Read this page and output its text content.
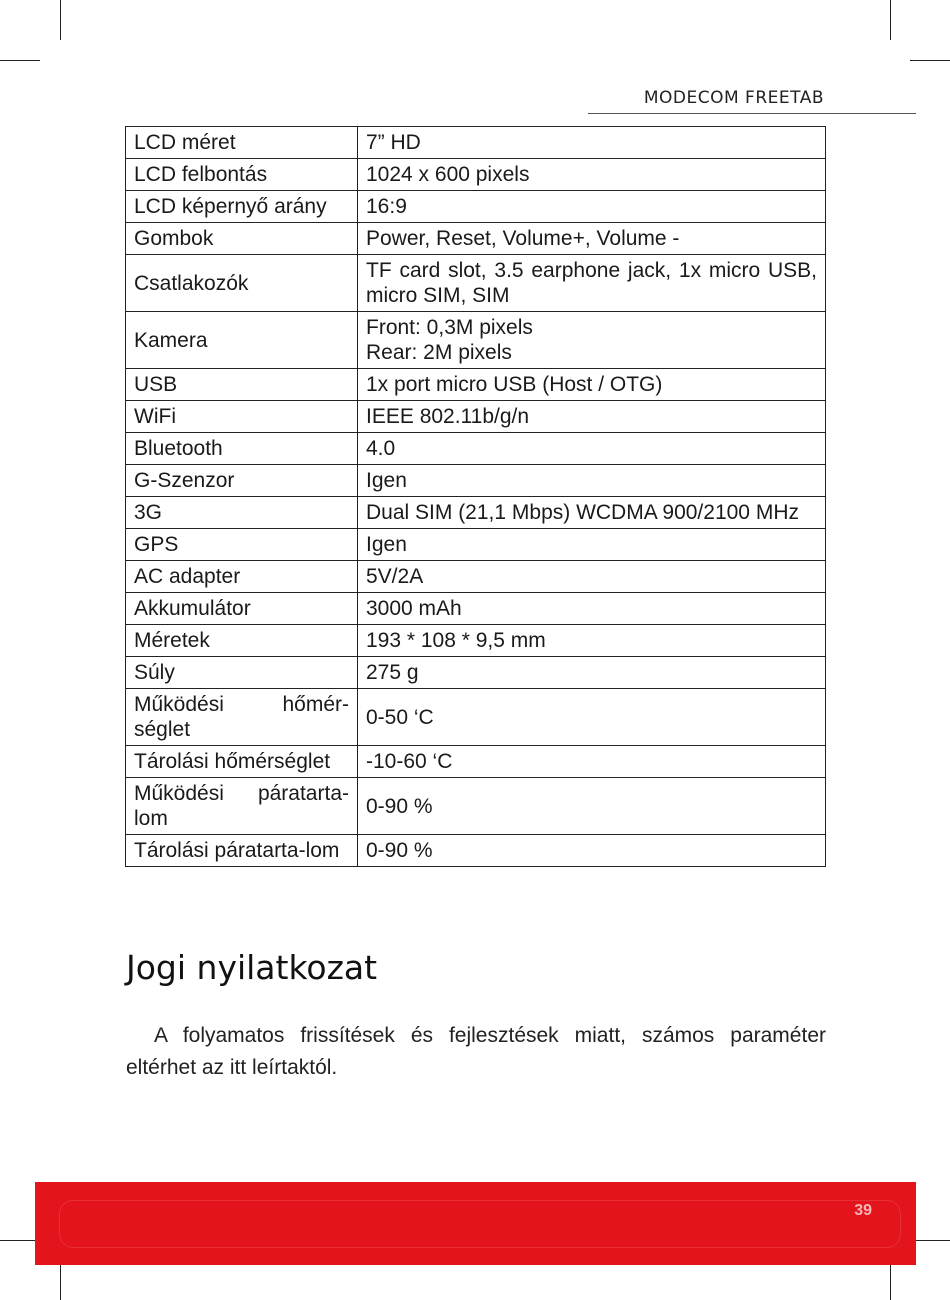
MODECOM FREETAB
LCD méret	7” HD
LCD felbontás	1024 x 600 pixels
LCD képernyő arány	16:9
Gombok	Power, Reset, Volume+, Volume -
Csatlakozók	TF card slot, 3.5 earphone jack, 1x micro USB, micro SIM, SIM
Kamera	Front: 0,3M pixels
Rear: 2M pixels
USB	1x port micro USB (Host / OTG)
WiFi	IEEE 802.11b/g/n
Bluetooth	4.0
G-Szenzor	Igen
3G	Dual SIM (21,1 Mbps) WCDMA 900/2100 MHz
GPS	Igen
AC adapter	5V/2A
Akkumulátor	3000 mAh
Méretek	193 * 108 * 9,5 mm
Súly	275 g
Működési hőmér-séglet	0-50 ‘C
Tárolási hőmérséglet	-10-60 ‘C
Működési páratarta-lom	0-90 %
Tárolási páratarta-lom	0-90 %
Jogi nyilatkozat
A folyamatos frissítések és fejlesztések miatt, számos paraméter eltérhet az itt leírtaktól.
39
